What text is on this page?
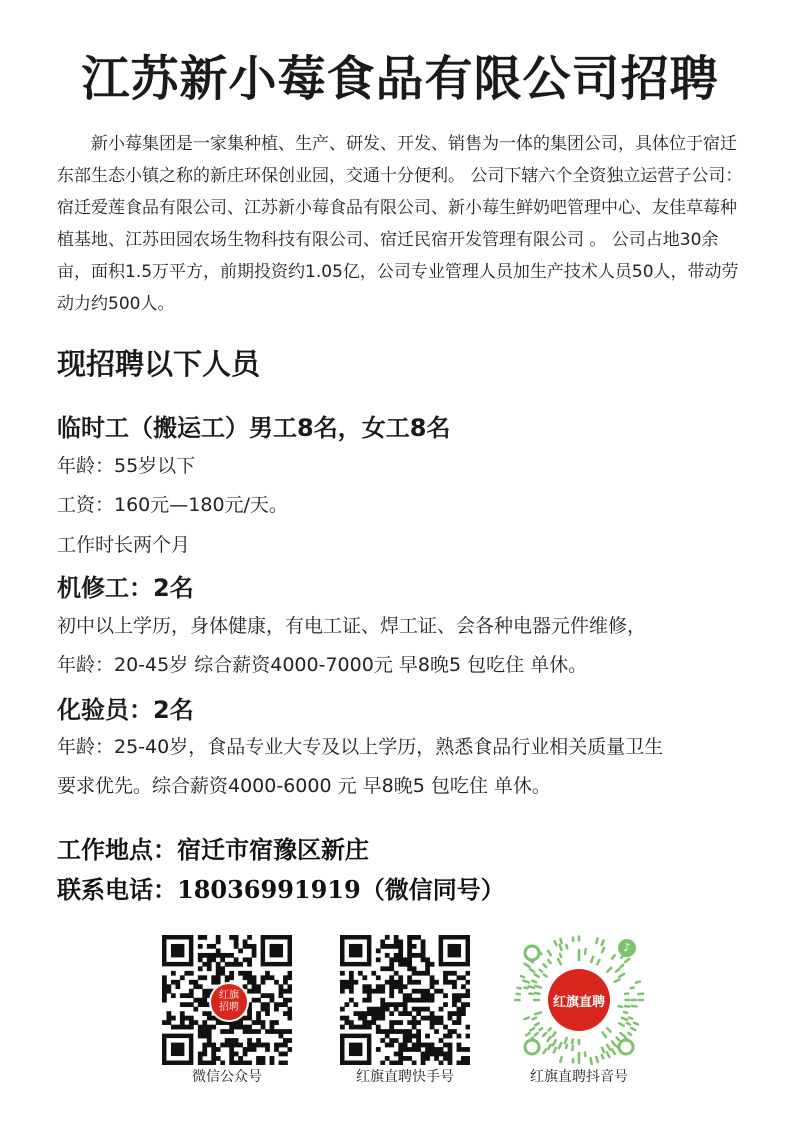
江苏新小莓食品有限公司招聘
新小莓集团是一家集种植、生产、研发、开发、销售为一体的集团公司，具体位于宿迁东部生态小镇之称的新庄环保创业园，交通十分便利。 公司下辖六个全资独立运营子公司： 宿迁爱莲食品有限公司、江苏新小莓食品有限公司、新小莓生鲜奶吧管理中心、友佳草莓种植基地、江苏田园农场生物科技有限公司、宿迁民宿开发管理有限公司 。 公司占地30余亩，面积1.5万平方，前期投资约1.05亿，公司专业管理人员加生产技术人员50人，带动劳动力约500人。
现招聘以下人员
临时工（搬运工）男工8名，女工8名
年龄：55岁以下
工资：160元—180元/天。
工作时长两个月
机修工：2名
初中以上学历，身体健康，有电工证、焊工证、会各种电器元件维修，
年龄：20-45岁 综合薪资4000-7000元 早8晚5 包吃住 单休。
化验员：2名
年龄：25-40岁，食品专业大专及以上学历，熟悉食品行业相关质量卫生
要求优先。综合薪资4000-6000 元 早8晚5 包吃住 单休。
工作地点：宿迁市宿豫区新庄
联系电话：18036991919（微信同号）
红旗
招聘
微信公众号	红旗直聘快手号
红旗直聘
♪
红旗直聘抖音号
